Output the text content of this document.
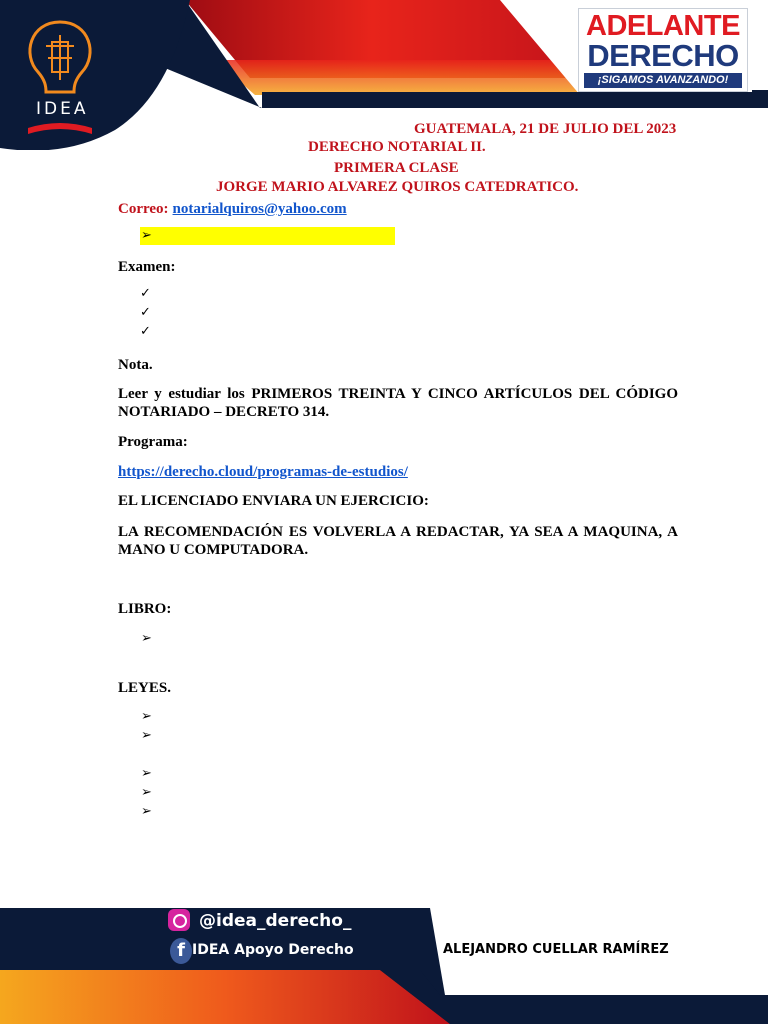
IDEA
ADELANTE
DERECHO
¡SIGAMOS AVANZANDO!
GUATEMALA, 21 DE JULIO DEL 2023
DERECHO NOTARIAL II.
PRIMERA CLASE
JORGE MARIO ALVAREZ QUIROS CATEDRATICO.
Correo: notarialquiros@yahoo.com
➢
Examen:
✓
✓
✓
Nota.
Leer y estudiar los PRIMEROS TREINTA Y CINCO ARTÍCULOS DEL CÓDIGO
NOTARIADO – DECRETO 314.
Programa:
https://derecho.cloud/programas-de-estudios/
EL LICENCIADO ENVIARA UN EJERCICIO:
LA RECOMENDACIÓN ES VOLVERLA A REDACTAR, YA SEA A MAQUINA, A
MANO U COMPUTADORA.
LIBRO:
➢
LEYES.
➢
➢
➢
➢
➢
@idea_derecho_
f IDEA Apoyo Derecho	ALEJANDRO CUELLAR RAMÍREZ
